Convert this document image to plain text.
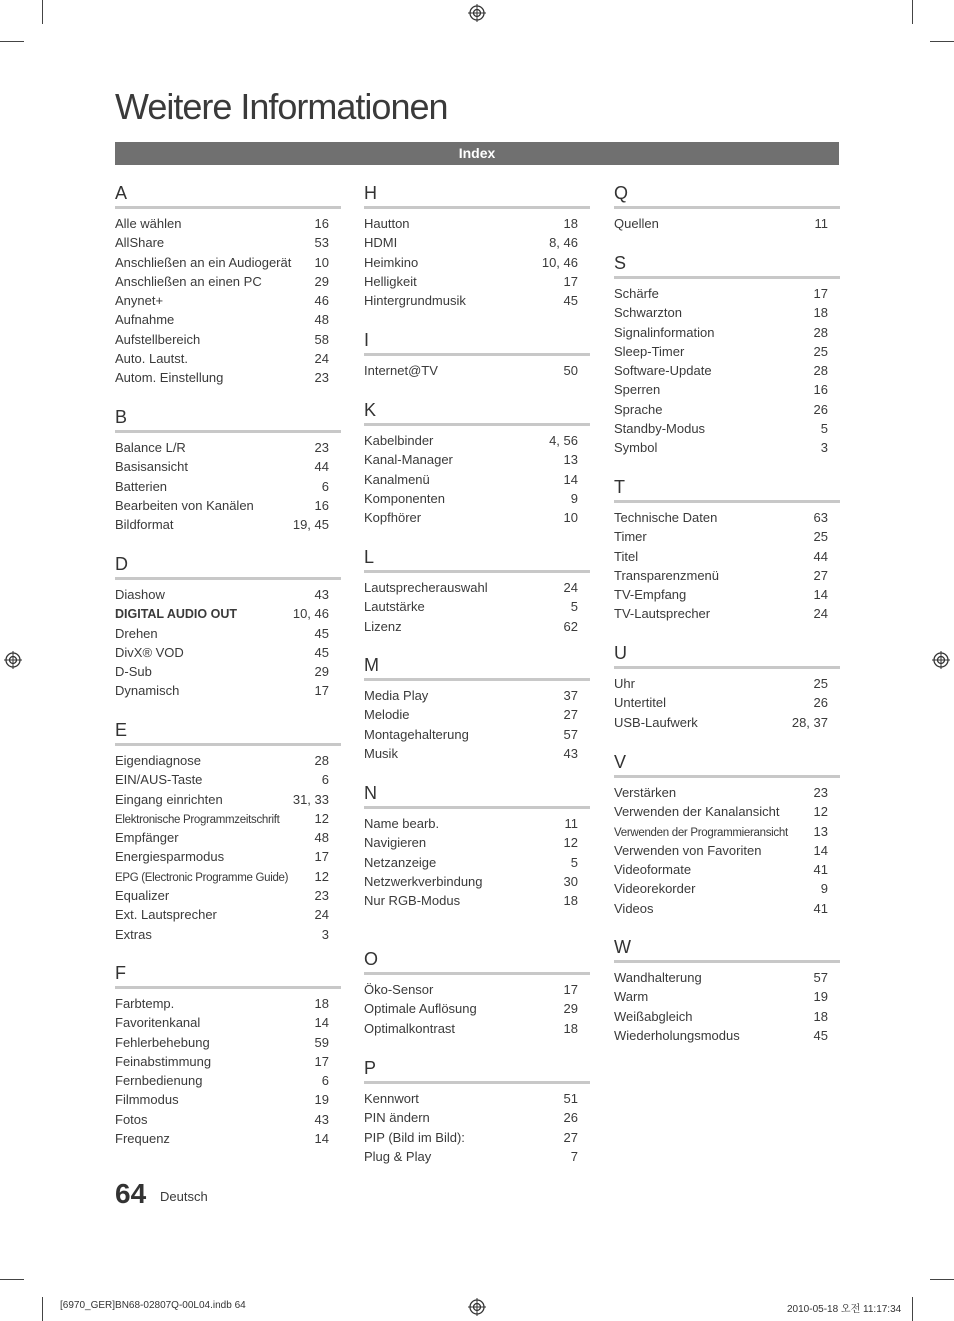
Weitere Informationen
Index
A
Alle wählen	16
AllShare	53
Anschließen an ein Audiogerät 10
Anschließen an einen PC	29
Anynet+	46
Aufnahme	48
Aufstellbereich	58
Auto. Lautst.	24
Autom. Einstellung	23
B
Balance L/R	23
Basisansicht	44
Batterien	6
Bearbeiten von Kanälen	16
Bildformat	19, 45
D
Diashow	43
DIGITAL AUDIO OUT	10, 46
Drehen	45
DivX® VOD	45
D-Sub	29
Dynamisch	17
E
Eigendiagnose	28
EIN/AUS-Taste	6
Eingang einrichten	31, 33
Elektronische Programmzeitschrift	12
Empfänger	48
Energiesparmodus	17
EPG (Electronic Programme Guide) 12
Equalizer	23
Ext. Lautsprecher	24
Extras	3
F
Farbtemp.	18
Favoritenkanal	14
Fehlerbehebung	59
Feinabstimmung	17
Fernbedienung	6
Filmmodus	19
Fotos	43
Frequenz	14
H
Hautton	18
HDMI	8, 46
Heimkino	10, 46
Helligkeit	17
Hintergrundmusik	45
I
Internet@TV	50
K
Kabelbinder	4, 56
Kanal-Manager	13
Kanalmenü	14
Komponenten	9
Kopfhörer	10
L
Lautsprecherauswahl	24
Lautstärke	5
Lizenz	62
M
Media Play	37
Melodie	27
Montagehalterung	57
Musik	43
N
Name bearb.	11
Navigieren	12
Netzanzeige	5
Netzwerkverbindung	30
Nur RGB-Modus	18
O
Öko-Sensor	17
Optimale Auflösung	29
Optimalkontrast	18
P
Kennwort	51
PIN ändern	26
PIP (Bild im Bild):	27
Plug & Play	7
Q
Quellen	11
S
Schärfe	17
Schwarzton	18
Signalinformation	28
Sleep-Timer	25
Software-Update	28
Sperren	16
Sprache	26
Standby-Modus	5
Symbol	3
T
Technische Daten	63
Timer	25
Titel	44
Transparenzmenü	27
TV-Empfang	14
TV-Lautsprecher	24
U
Uhr	25
Untertitel	26
USB-Laufwerk	28, 37
V
Verstärken	23
Verwenden der Kanalansicht	12
Verwenden der Programmieransicht 13
Verwenden von Favoriten	14
Videoformate	41
Videorekorder	9
Videos	41
W
Wandhalterung	57
Warm	19
Weißabgleich	18
Wiederholungsmodus	45
64 Deutsch
[6970_GER]BN68-02807Q-00L04.indb 64	2010-05-18 오전 11:17:34
